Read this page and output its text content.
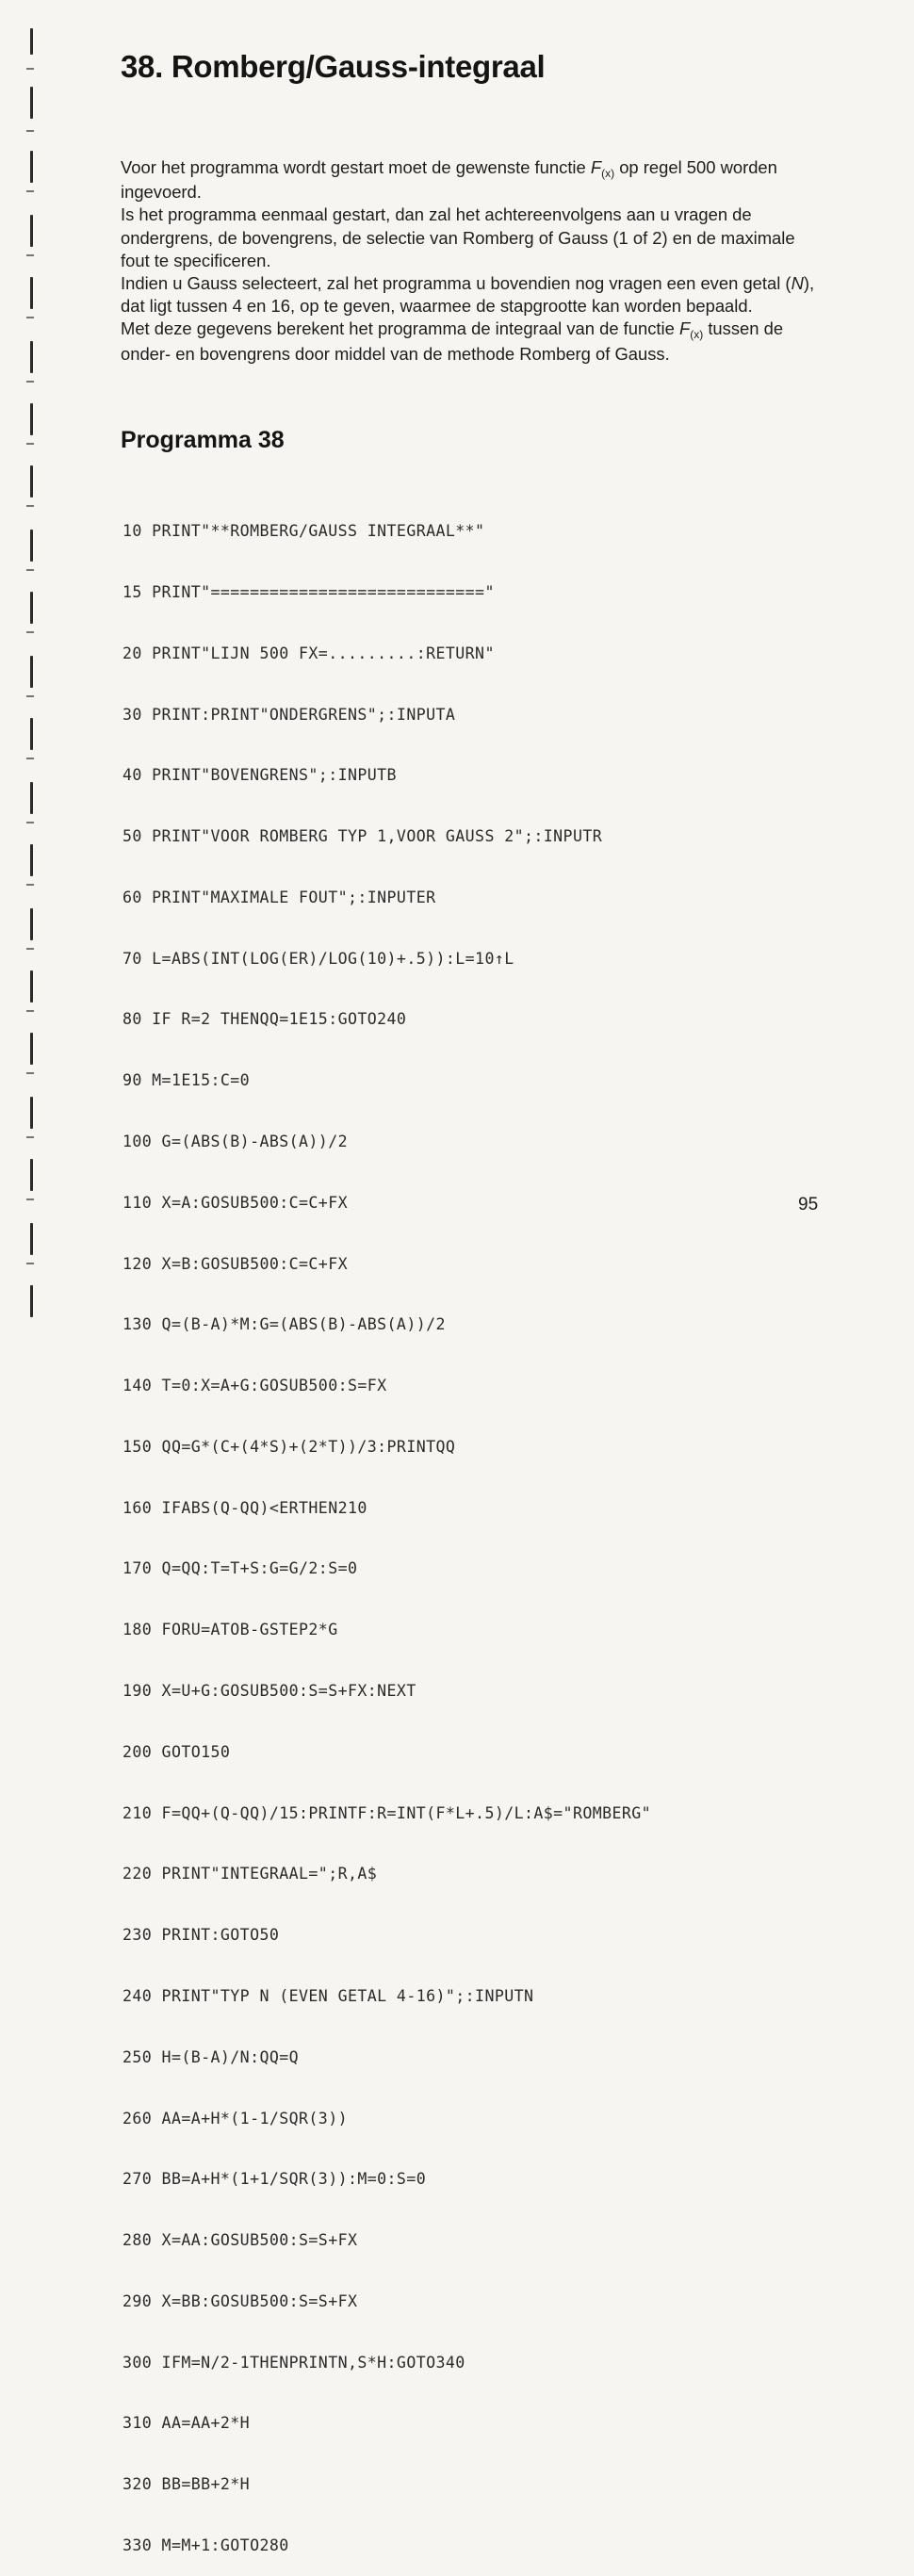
38. Romberg/Gauss-integraal

Voor het programma wordt gestart moet de gewenste functie $F_{(x)}$ op regel 500 worden ingevoerd.

Is het programma eenmaal gestart, dan zal het achtereenvolgens aan u vragen de ondergrens, de bovengrens, de selectie van Romberg of Gauss (1 of 2) en de maximale fout te specificeren.

Indien u Gauss selecteert, zal het programma u bovendien nog vragen een even getal (N), dat ligt tussen 4 en 16, op te geven, waarmee de stapgrootte kan worden bepaald.

Met deze gegevens berekent het programma de integraal van de functie $F_{(x)}$ tussen de onder- en bovengrens door middel van de methode Romberg of Gauss.

Programma 38

10 PRINT"**ROMBERG/GAUSS INTEGRAAL**"

15 PRINT"============================"

20 PRINT"LIJN 500 FX=.........:RETURN"

30 PRINT:PRINT"ONDERGRENS";:INPUTA

40 PRINT"BOVENGRENS";:INPUTB

50 PRINT"VOOR ROMBERG TYP 1,VOOR GAUSS 2";:INPUTR

60 PRINT"MAXIMALE FOUT";:INPUTER

70 L=ABS(INT(LOG(ER)/LOG(10)+.5)):L=10↑L

80 IF R=2 THENQQ=1E15:GOTO240

90 M=1E15:C=0

100 G=(ABS(B)-ABS(A))/2

110 X=A:GOSUB500:C=C+FX

120 X=B:GOSUB500:C=C+FX

130 Q=(B-A)*M:G=(ABS(B)-ABS(A))/2

140 T=0:X=A+G:GOSUB500:S=FX

150 QQ=G*(C+(4*S)+(2*T))/3:PRINTQQ

160 IFABS(Q-QQ)<ERTHEN210

170 Q=QQ:T=T+S:G=G/2:S=0

180 FORU=ATOB-GSTEP2*G

190 X=U+G:GOSUB500:S=S+FX:NEXT

200 GOTO150

210 F=QQ+(Q-QQ)/15:PRINTF:R=INT(F*L+.5)/L:A$="ROMBERG"

220 PRINT"INTEGRAAL=";R,A$

230 PRINT:GOTO50

240 PRINT"TYP N (EVEN GETAL 4-16)";:INPUTN

250 H=(B-A)/N:QQ=Q

260 AA=A+H*(1-1/SQR(3))

270 BB=A+H*(1+1/SQR(3)):M=0:S=0

280 X=AA:GOSUB500:S=S+FX

290 X=BB:GOSUB500:S=S+FX

300 IFM=N/2-1THENPRINTN,S*H:GOTO340

310 AA=AA+2*H

320 BB=BB+2*H

330 M=M+1:GOTO280

95
